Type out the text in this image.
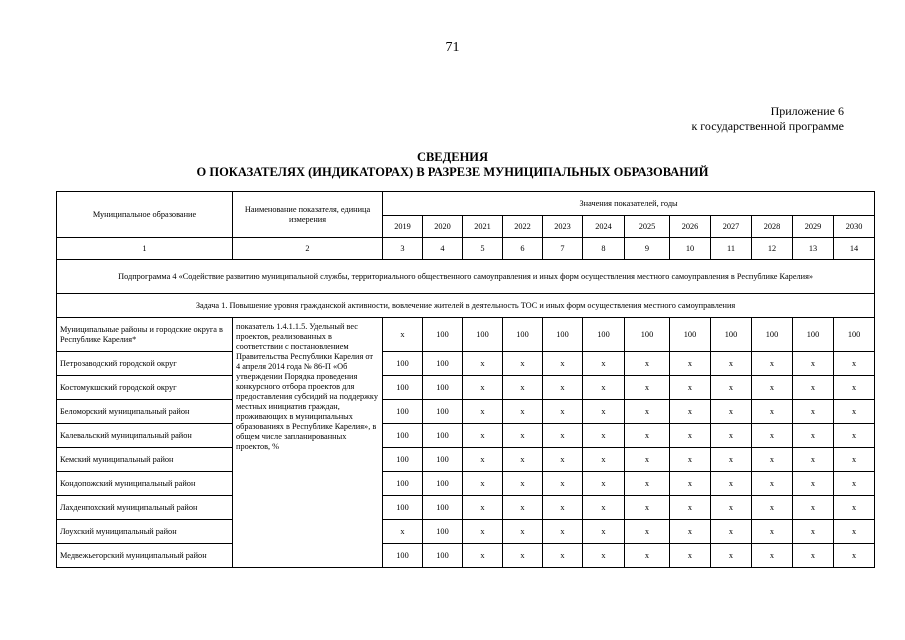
71
Приложение 6
к государственной программе
СВЕДЕНИЯ
О ПОКАЗАТЕЛЯХ (ИНДИКАТОРАХ) В РАЗРЕЗЕ МУНИЦИПАЛЬНЫХ ОБРАЗОВАНИЙ
Муниципальное образование	Наименование показателя, единица измерения	Значения показателей, годы											
		2019	2020	2021	2022	2023	2024	2025	2026	2027	2028	2029	2030
1	2	3	4	5	6	7	8	9	10	11	12	13	14
Подпрограмма 4 «Содействие развитию муниципальной службы, территориального общественного самоуправления и иных форм осуществления местного самоуправления в Республике Карелия»													
Задача 1. Повышение уровня гражданской активности, вовлечение жителей в деятельность ТОС и иных форм осуществления местного самоуправления													
Муниципальные районы и городские округа в Республике Карелия*	показатель 1.4.1.1.5. Удельный вес проектов, реализованных в соответствии с постановлением Правительства Республики Карелия от 4 апреля 2014 года № 86-П «Об утверждении Порядка проведения конкурсного отбора проектов для предоставления субсидий на поддержку местных инициатив граждан, проживающих в муниципальных образованиях в Республике Карелия», в общем числе запланированных проектов, %	x	100	100	100	100	100	100	100	100	100	100	100
Петрозаводский городской округ		100	100	x	x	x	x	x	x	x	x	x	x
Костомукшский городской округ		100	100	x	x	x	x	x	x	x	x	x	x
Беломорский муниципальный район		100	100	x	x	x	x	x	x	x	x	x	x
Калевальский муниципальный район		100	100	x	x	x	x	x	x	x	x	x	x
Кемский муниципальный район		100	100	x	x	x	x	x	x	x	x	x	x
Кондопожский муниципальный район		100	100	x	x	x	x	x	x	x	x	x	x
Лахденпохский муниципальный район		100	100	x	x	x	x	x	x	x	x	x	x
Лоухский муниципальный район		x	100	x	x	x	x	x	x	x	x	x	x
Медвежьегорский муниципальный район		100	100	x	x	x	x	x	x	x	x	x	x
